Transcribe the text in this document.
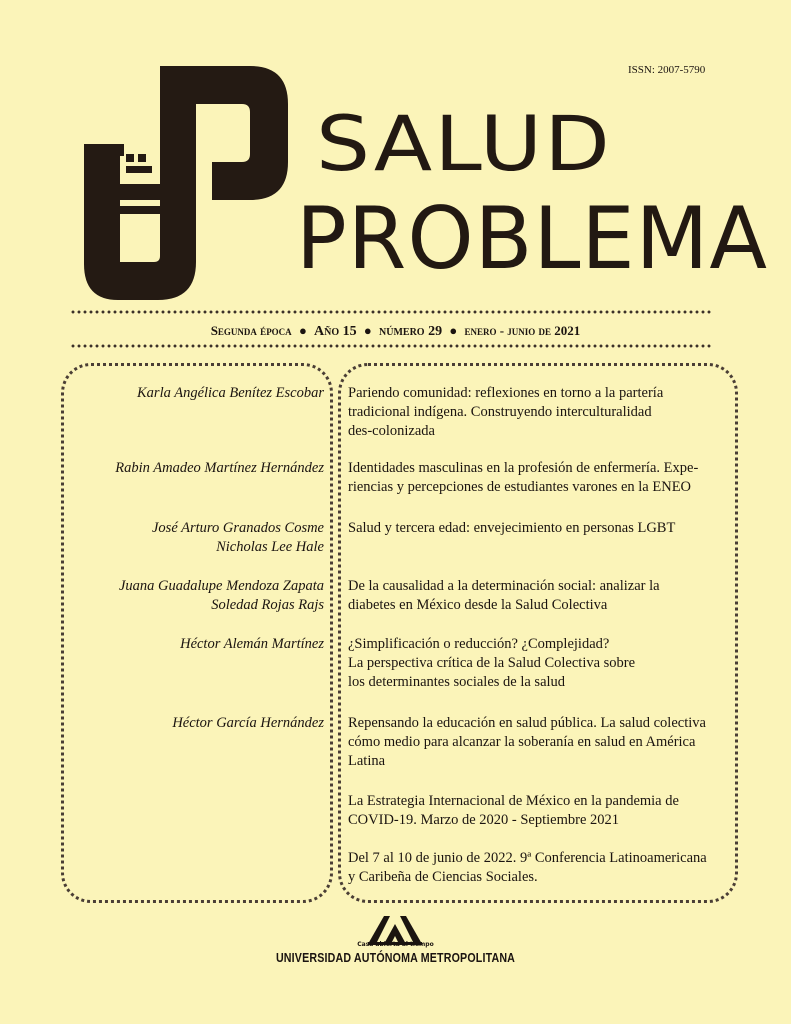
ISSN: 2007-5790
SALUD
PROBLEMA
Segunda época ● Año 15 ● número 29 ● enero - junio de 2021
Karla Angélica Benítez Escobar
Rabin Amadeo Martínez Hernández
José Arturo Granados Cosme
Nicholas Lee Hale
Juana Guadalupe Mendoza Zapata
Soledad Rojas Rajs
Héctor Alemán Martínez
Héctor García Hernández
Pariendo comunidad: reflexiones en torno a la partería
tradicional indígena. Construyendo interculturalidad
des-colonizada
Identidades masculinas en la profesión de enfermería. Expe-
riencias y percepciones de estudiantes varones en la ENEO
Salud y tercera edad: envejecimiento en personas LGBT
De la causalidad a la determinación social: analizar la
diabetes en México desde la Salud Colectiva
¿Simplificación o reducción? ¿Complejidad?
La perspectiva crítica de la Salud Colectiva sobre
los determinantes sociales de la salud
Repensando la educación en salud pública. La salud colectiva
cómo medio para alcanzar la soberanía en salud en América
Latina
La Estrategia Internacional de México en la pandemia de
COVID-19. Marzo de 2020 - Septiembre 2021
Del 7 al 10 de junio de 2022. 9ª Conferencia Latinoamericana
y Caribeña de Ciencias Sociales.
Casa abierta al tiempo
UNIVERSIDAD AUTÓNOMA METROPOLITANA
